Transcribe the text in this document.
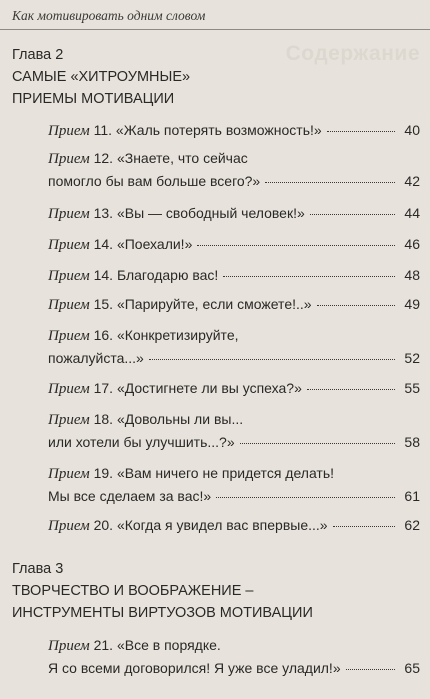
Как мотивировать одним словом
Содержание
Глава 2
САМЫЕ «ХИТРОУМНЫЕ»
ПРИЕМЫ МОТИВАЦИИ
Прием
11. «Жаль потерять возможность!»	40
Прием 12. «Знаете, что сейчас
помогло бы вам больше всего?»	42
Прием
13. «Вы — свободный человек!»	44
Прием
14. «Поехали!»	46
Прием
14. Благодарю вас!	48
Прием
15. «Парируйте, если сможете!..»	49
Прием 16. «Конкретизируйте,
пожалуйста...»	52
Прием
17. «Достигнете ли вы успеха?»	55
Прием 18. «Довольны ли вы...
или хотели бы улучшить...?»	58
Прием 19. «Вам ничего не придется делать!
Мы все сделаем за вас!»	61
Прием
20. «Когда я увидел вас впервые...»	62
Глава 3
ТВОРЧЕСТВО И ВООБРАЖЕНИЕ –
ИНСТРУМЕНТЫ ВИРТУОЗОВ МОТИВАЦИИ
Прием 21. «Все в порядке.
Я со всеми договорился! Я уже все уладил!»	65
